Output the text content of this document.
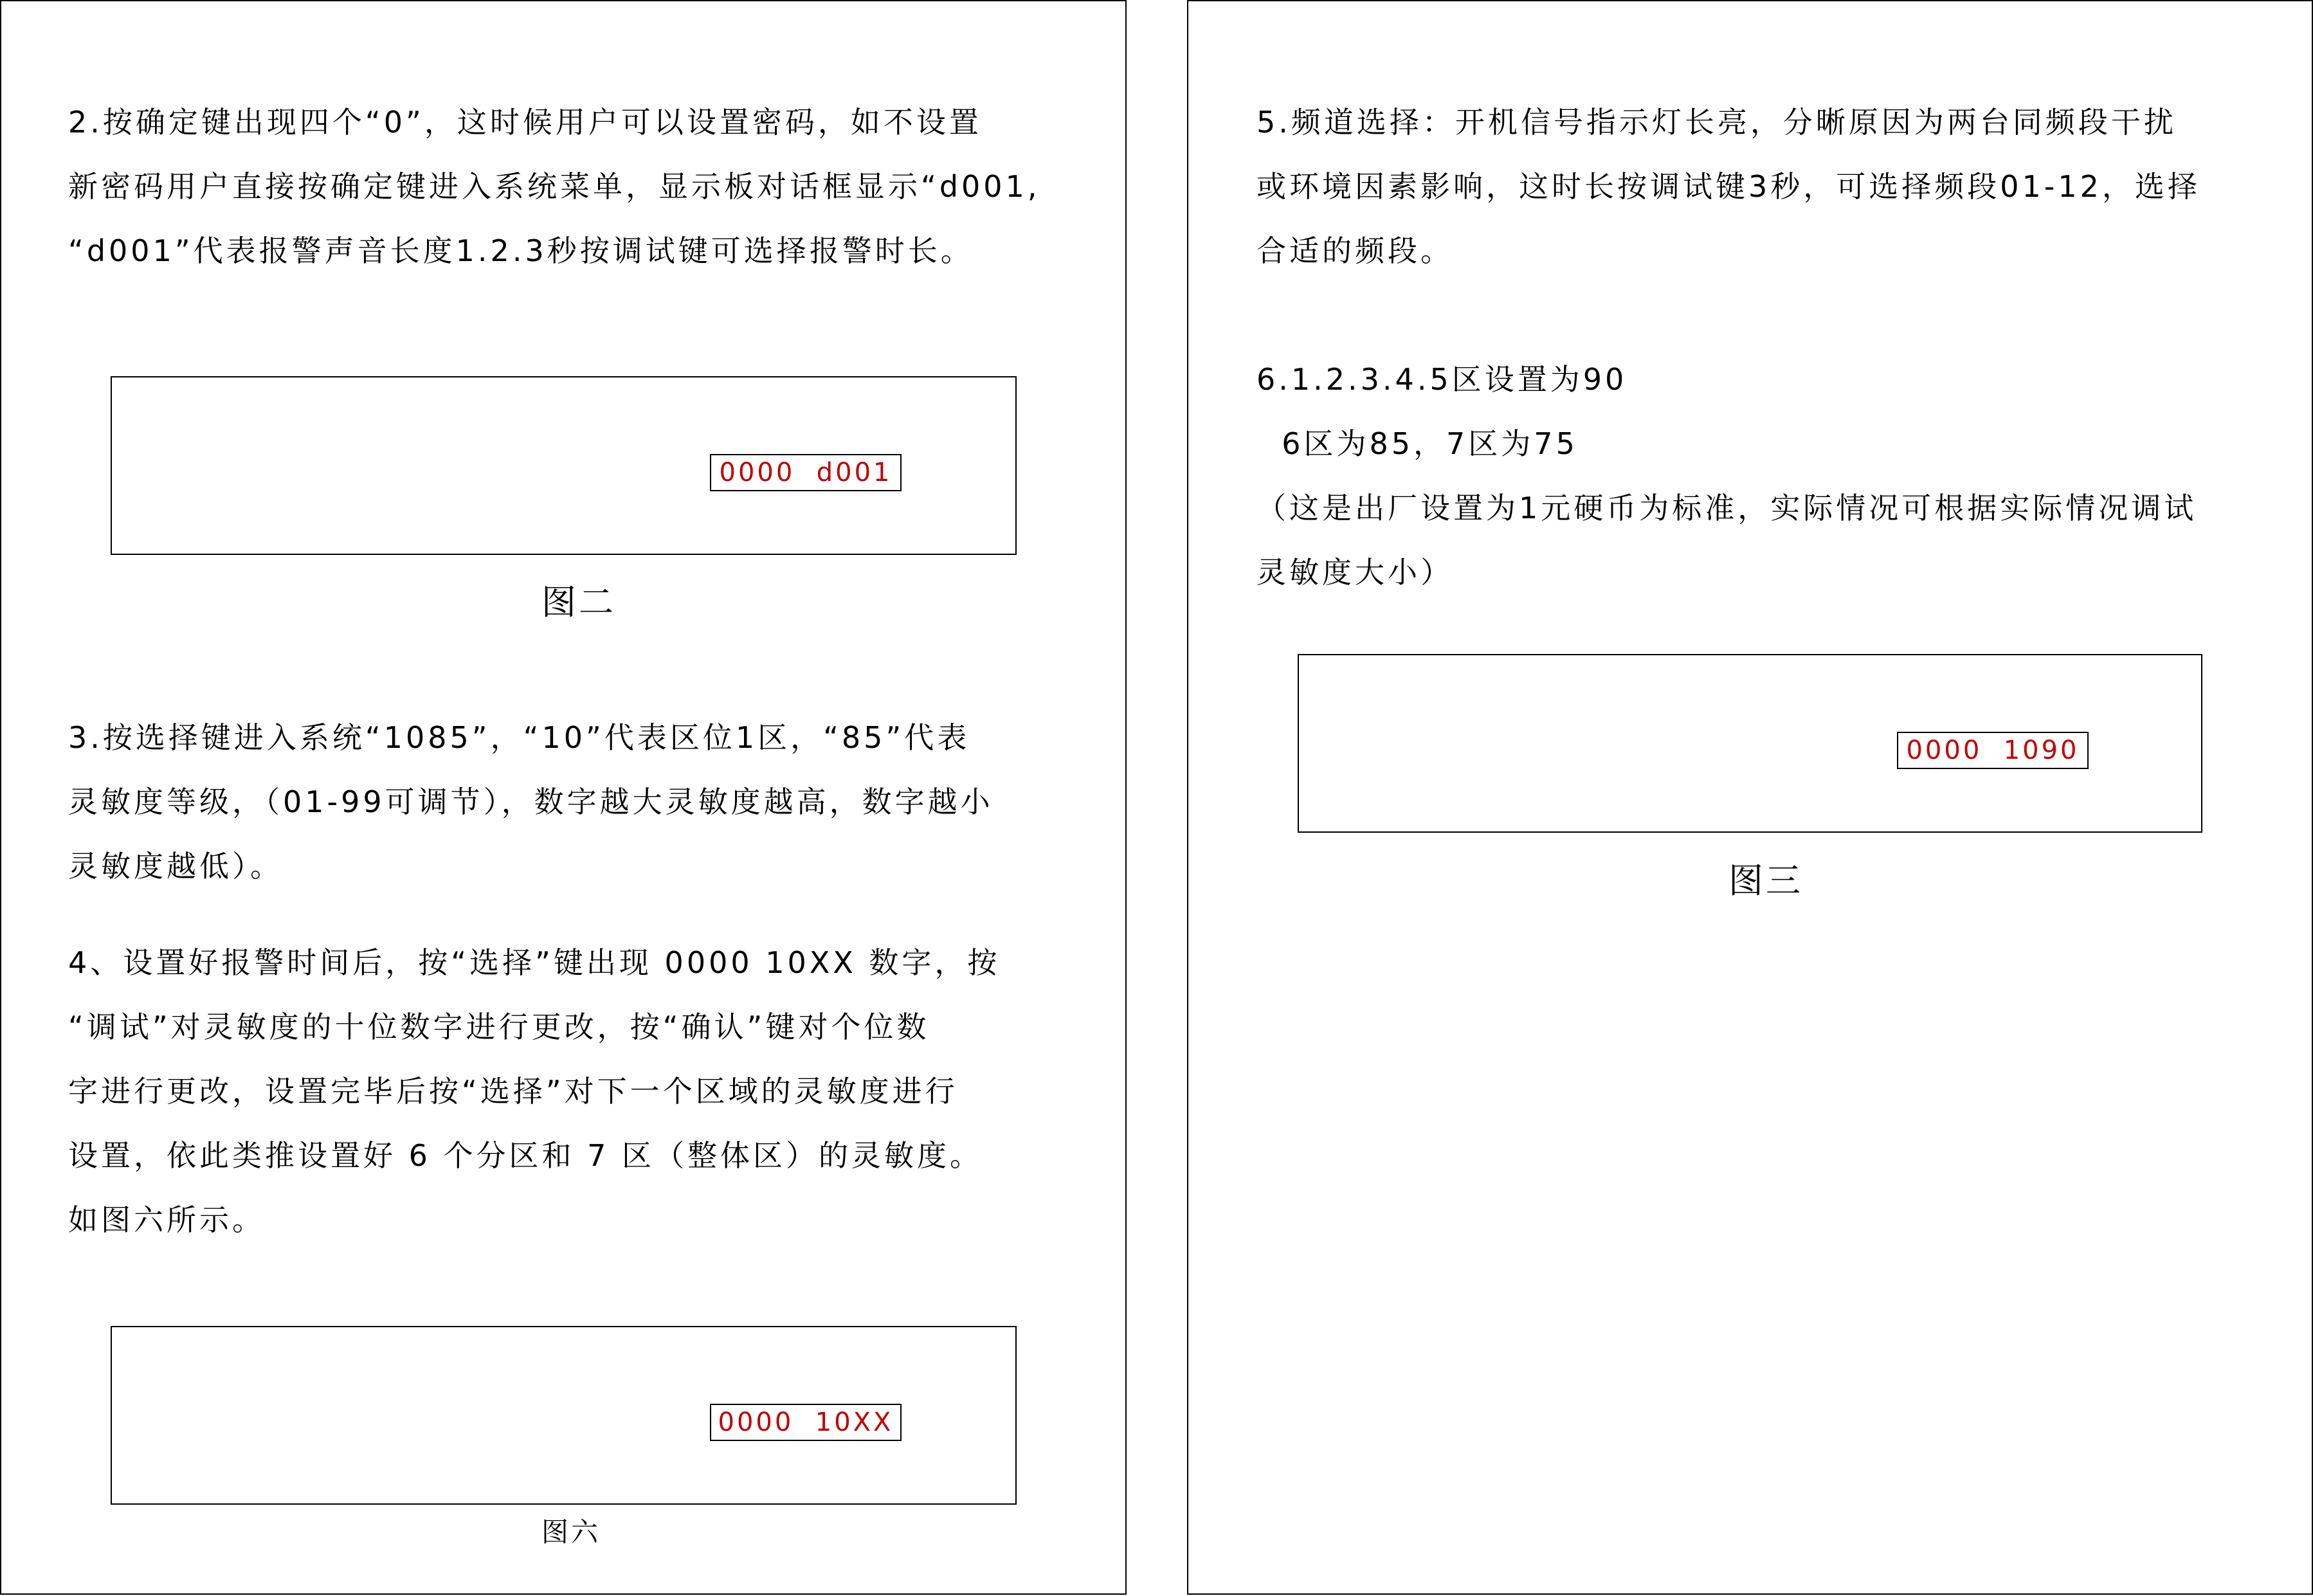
2.按确定键出现四个“0”，这时候用户可以设置密码，如不设置
新密码用户直接按确定键进入系统菜单，显示板对话框显示“d001,
“d001”代表报警声音长度1.2.3秒按调试键可选择报警时长。
0000  d001
图二
3.按选择键进入系统“1085”，“10”代表区位1区，“85”代表
灵敏度等级，（01-99可调节），数字越大灵敏度越高，数字越小
灵敏度越低）。
4、设置好报警时间后，按“选择”键出现 0000 10XX 数字，按
“调试”对灵敏度的十位数字进行更改，按“确认”键对个位数
字进行更改，设置完毕后按“选择”对下一个区域的灵敏度进行
设置，依此类推设置好 6 个分区和 7 区（整体区）的灵敏度。
如图六所示。
0000  10XX
图六
5.频道选择：开机信号指示灯长亮，分晰原因为两台同频段干扰
或环境因素影响，这时长按调试键3秒，可选择频段01-12，选择
合适的频段。
6.1.2.3.4.5区设置为90
6区为85，7区为75
（这是出厂设置为1元硬币为标准，实际情况可根据实际情况调试
灵敏度大小）
0000  1090
图三
